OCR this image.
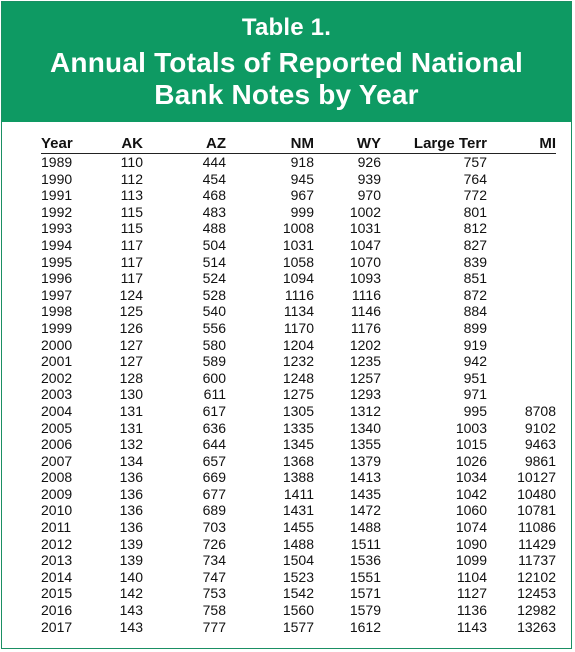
Table 1.
Annual Totals of Reported National
Bank Notes by Year
Year	AK	AZ	NM	WY	Large Terr	MI
1989	110	444	918	926	757	
1990	112	454	945	939	764	
1991	113	468	967	970	772	
1992	115	483	999	1002	801	
1993	115	488	1008	1031	812	
1994	117	504	1031	1047	827	
1995	117	514	1058	1070	839	
1996	117	524	1094	1093	851	
1997	124	528	1116	1116	872	
1998	125	540	1134	1146	884	
1999	126	556	1170	1176	899	
2000	127	580	1204	1202	919	
2001	127	589	1232	1235	942	
2002	128	600	1248	1257	951	
2003	130	611	1275	1293	971	
2004	131	617	1305	1312	995	8708
2005	131	636	1335	1340	1003	9102
2006	132	644	1345	1355	1015	9463
2007	134	657	1368	1379	1026	9861
2008	136	669	1388	1413	1034	10127
2009	136	677	1411	1435	1042	10480
2010	136	689	1431	1472	1060	10781
2011	136	703	1455	1488	1074	11086
2012	139	726	1488	1511	1090	11429
2013	139	734	1504	1536	1099	11737
2014	140	747	1523	1551	1104	12102
2015	142	753	1542	1571	1127	12453
2016	143	758	1560	1579	1136	12982
2017	143	777	1577	1612	1143	13263
